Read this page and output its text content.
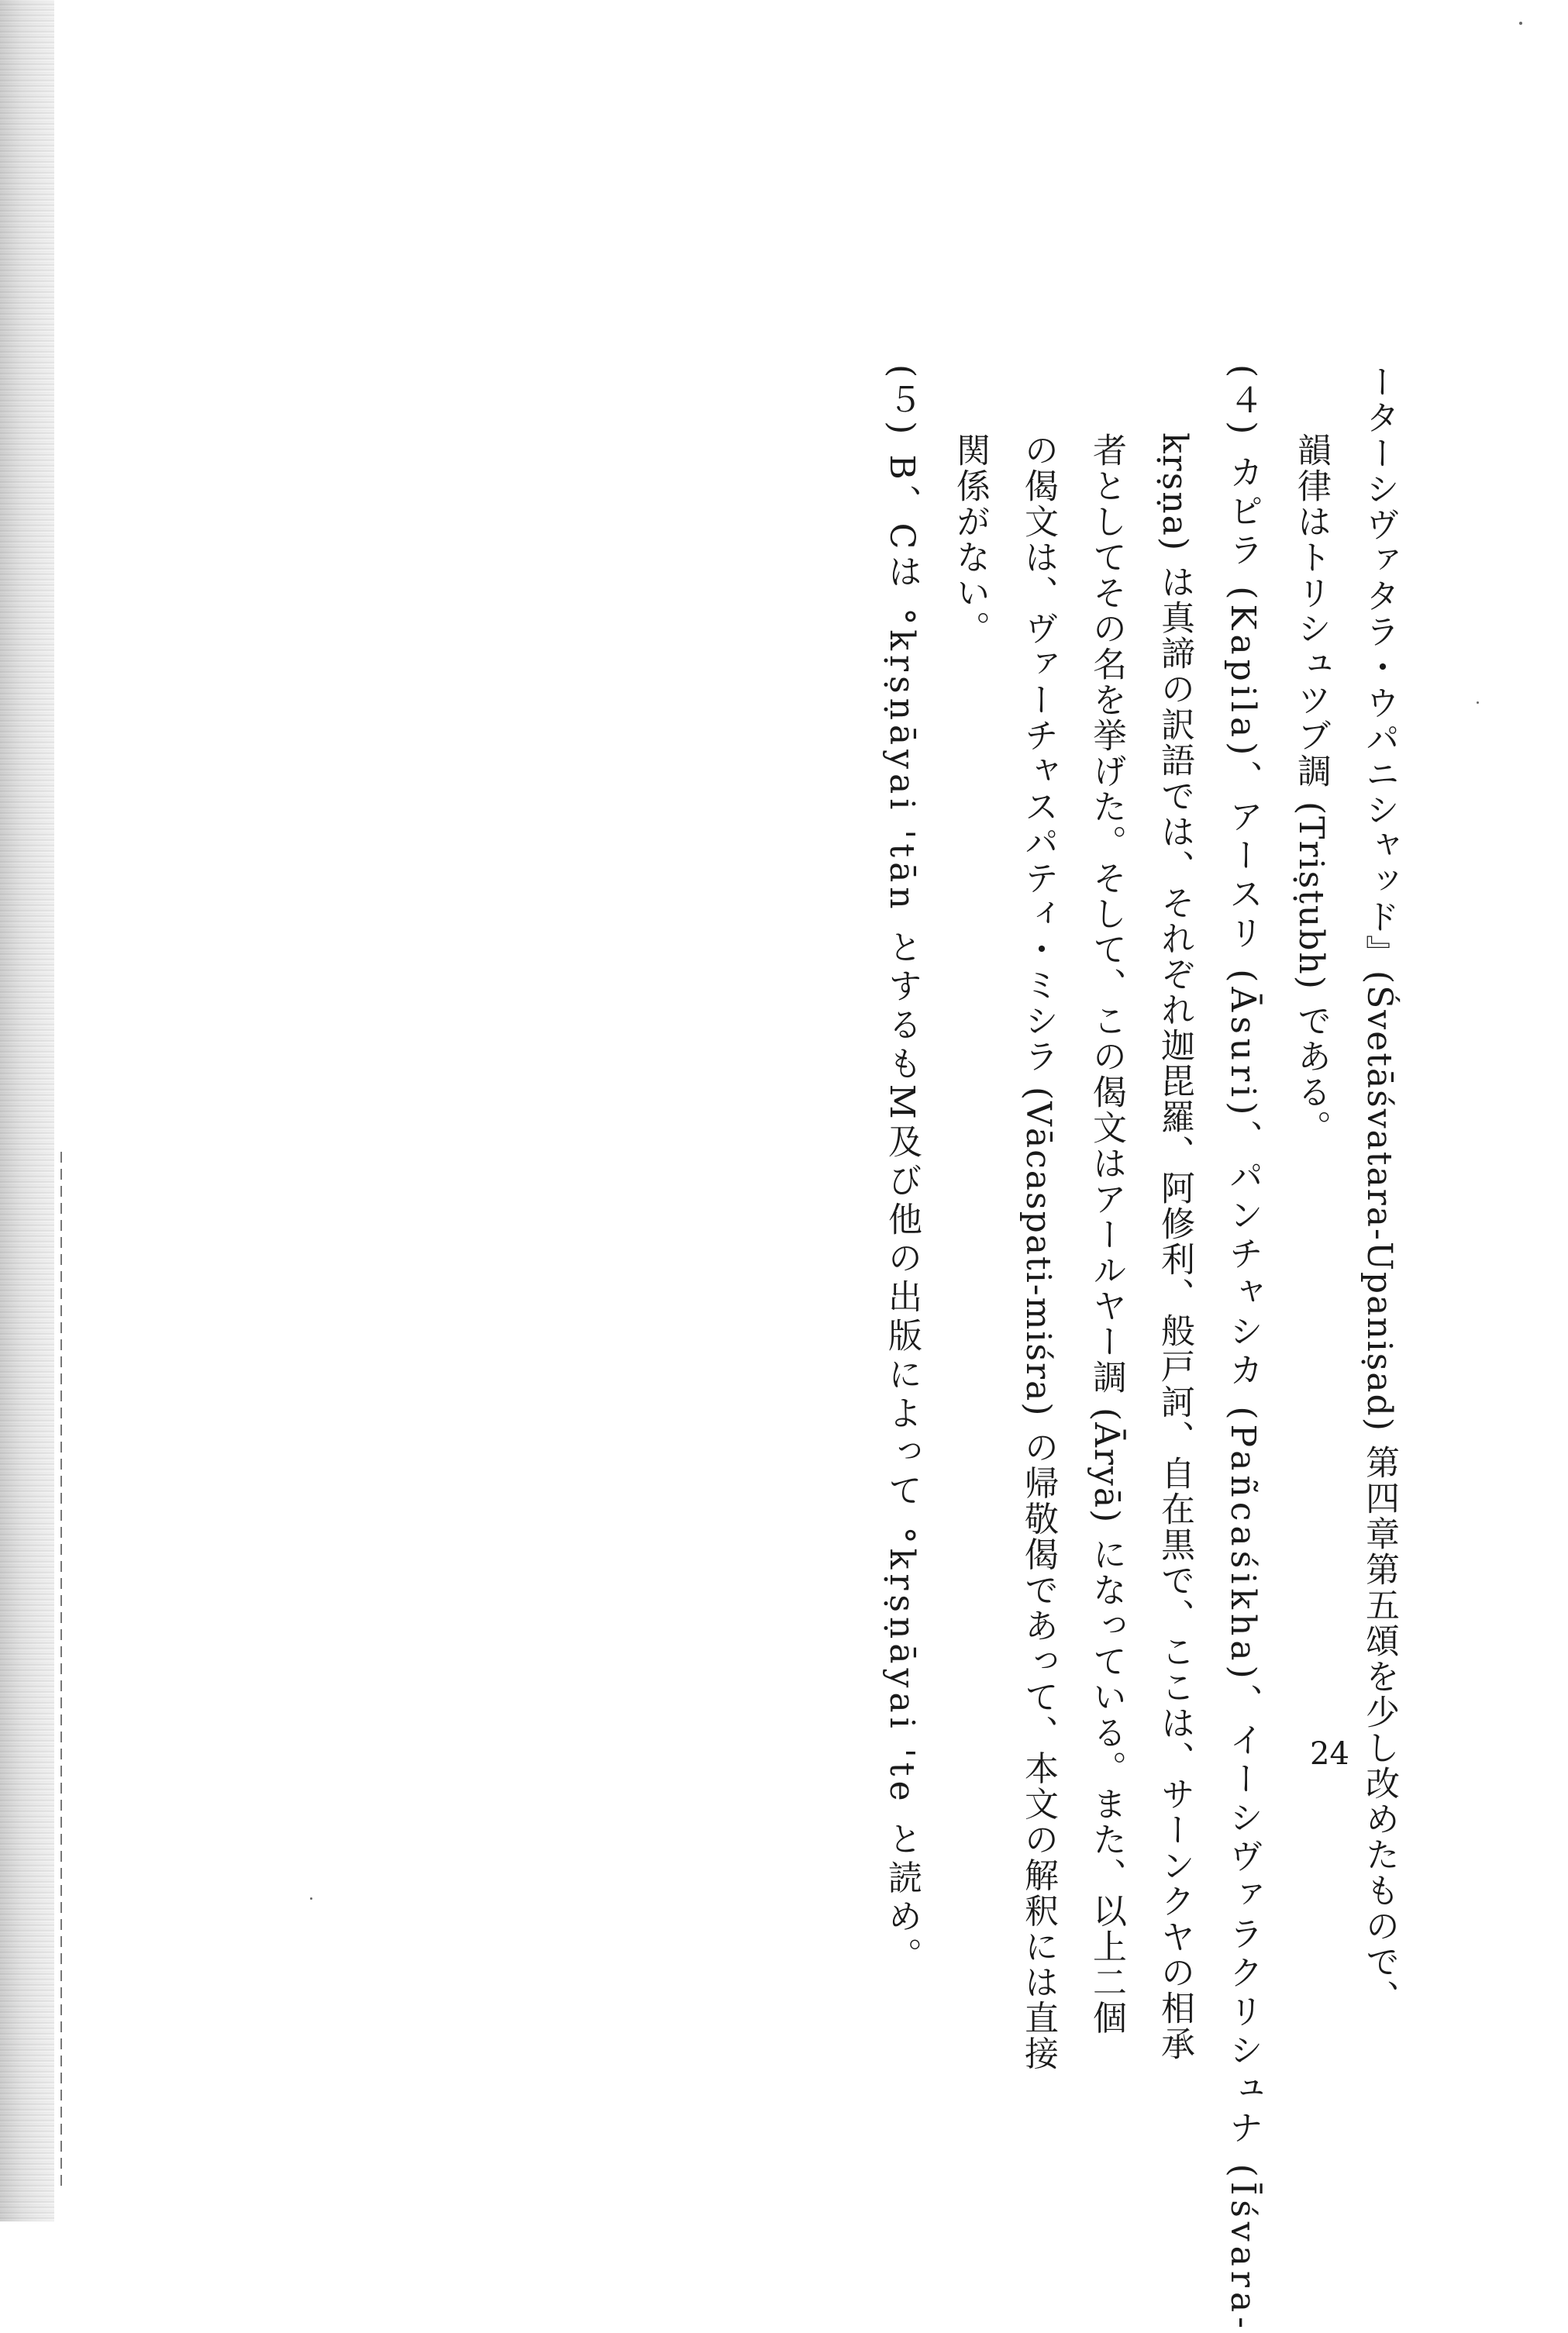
ーターシヴァタラ・ウパニシャッド』(Śvetāśvatara-Upaniṣad) 第四章第五頌を少し改めたもので、
韻律はトリシュツブ調 (Triṣṭubh) である。
(４) カピラ (Kapila)、アースリ (Āsuri)、パンチャシカ (Pañcaśikha)、イーシヴァラクリシュナ (Īśvara-
kṛṣṇa) は真諦の訳語では、それぞれ迦毘羅、阿修利、般戸訶、自在黒で、ここは、サーンクヤの相承
者としてその名を挙げた。そして、この偈文はアールヤー調 (Āryā) になっている。また、以上二個
の偈文は、ヴァーチャスパティ・ミシラ (Vācaspati-miśra) の帰敬偈であって、本文の解釈には直接
関係がない。
(５) B、Cは °kṛṣṇāyai 'tān とするもM及び他の出版によって °kṛṣṇāyai 'te と読め。	24
